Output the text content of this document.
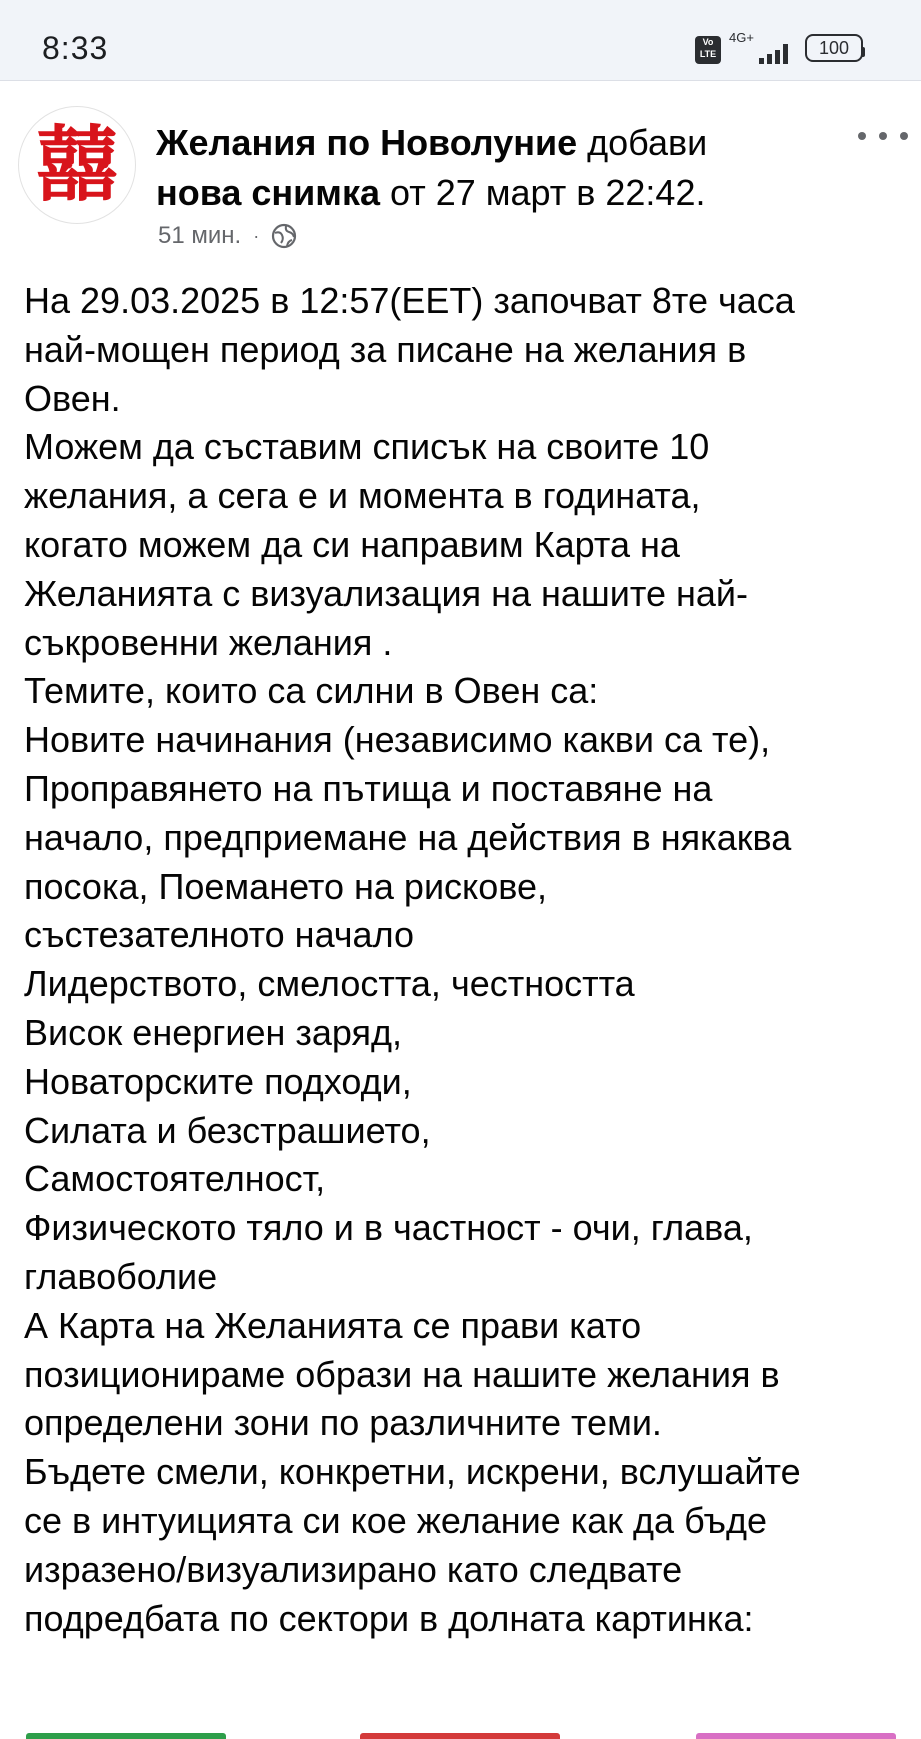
8:33	Vo LTE
4G+
100
囍 Желания по Новолуние добави нова снимка от 27 март в 22:42.
51 мин. ·
На 29.03.2025 в 12:57(EET) започват 8те часа
най-мощен период за писане на желания в
Овен.
Можем да съставим списък на своите 10
желания, а сега е и момента в годината,
когато можем да си направим Карта на
Желанията с визуализация на нашите най-
съкровенни желания .
Темите, които са силни в Овен са:
Новите начинания (независимо какви са те),
Проправянето на пътища и поставяне на
начало, предприемане на действия в някаква
посока, Поемането на рискове,
състезателното начало
Лидерството, смелостта, честността
Висок енергиен заряд,
Новаторските подходи,
Силата и безстрашието,
Самостоятелност,
Физическото тяло и в частност - очи, глава,
главоболие
А Карта на Желанията се прави като
позиционираме образи на нашите желания в
определени зони по различните теми.
Бъдете смели, конкретни, искрени, вслушайте
се в интуицията си кое желание как да бъде
изразено/визуализирано като следвате
подредбата по сектори в долната картинка:
